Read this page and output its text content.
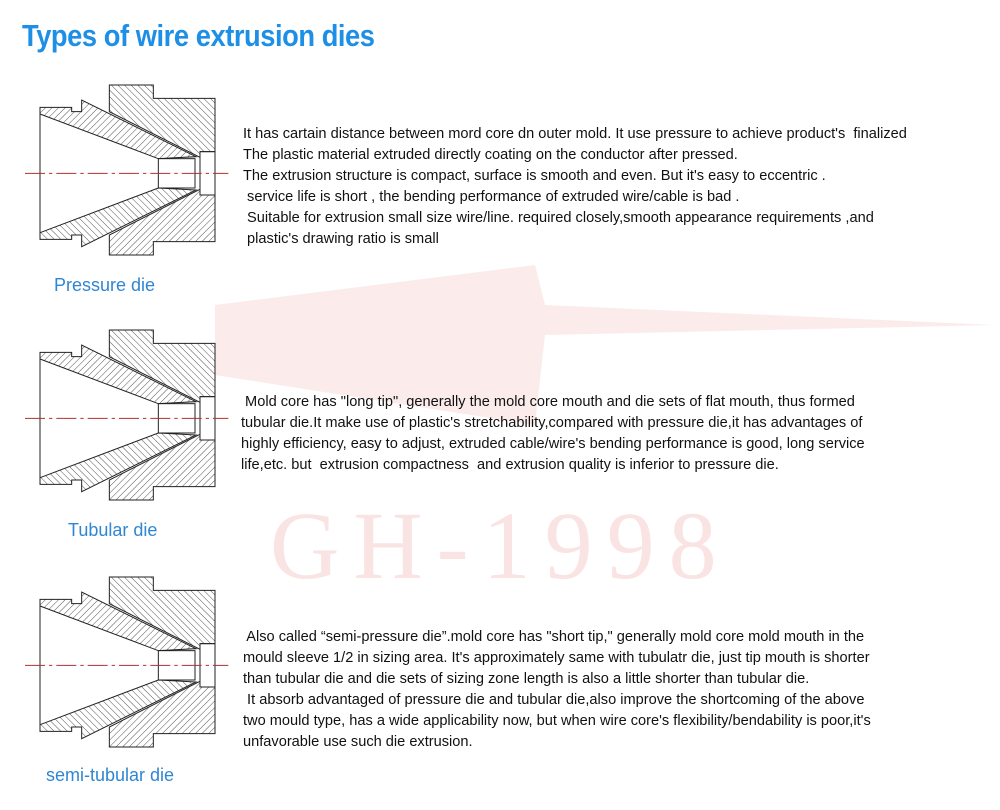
GH-1998
Types of wire extrusion dies
Pressure die

It has cartain distance between mord core dn outer mold. It use pressure to achieve product's  finalized
The plastic material extruded directly coating on the conductor after pressed.
The extrusion structure is compact, surface is smooth and even. But it's easy to eccentric .
service life is short , the bending performance of extruded wire/cable is bad .
Suitable for extrusion small size wire/line. required closely,smooth appearance requirements ,and
plastic's drawing ratio is small

Tubular die

Mold core has "long tip", generally the mold core mouth and die sets of flat mouth, thus formed
tubular die.It make use of plastic's stretchability,compared with pressure die,it has advantages of
highly efficiency, easy to adjust, extruded cable/wire's bending performance is good, long service
life,etc. but  extrusion compactness  and extrusion quality is inferior to pressure die.

semi-tubular die

Also called “semi-pressure die”.mold core has "short tip," generally mold core mold mouth in the
mould sleeve 1/2 in sizing area. It's approximately same with tubulatr die, just tip mouth is shorter
than tubular die and die sets of sizing zone length is also a little shorter than tubular die.
It absorb advantaged of pressure die and tubular die,also improve the shortcoming of the above
two mould type, has a wide applicability now, but when wire core's flexibility/bendability is poor,it's
unfavorable use such die extrusion.
